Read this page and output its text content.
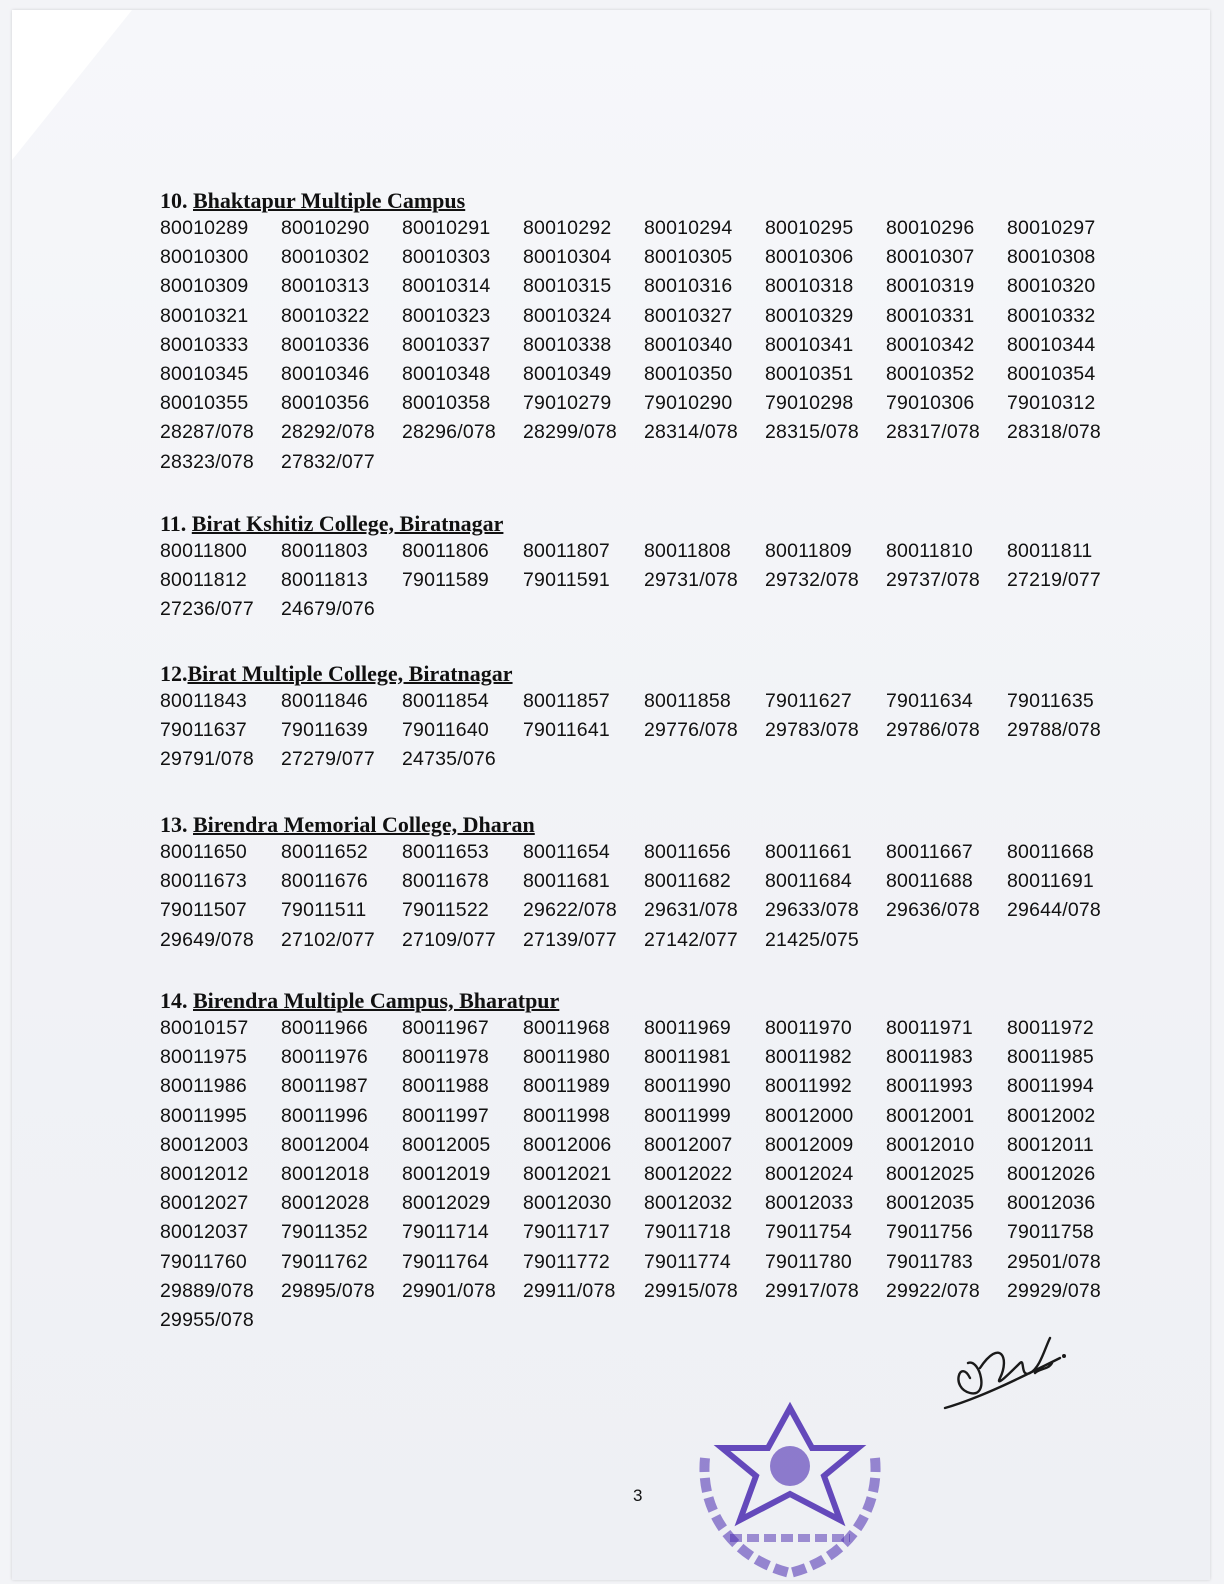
10. Bhaktapur Multiple Campus
80010289	80010290	80010291	80010292	80010294	80010295	80010296	80010297
80010300	80010302	80010303	80010304	80010305	80010306	80010307	80010308
80010309	80010313	80010314	80010315	80010316	80010318	80010319	80010320
80010321	80010322	80010323	80010324	80010327	80010329	80010331	80010332
80010333	80010336	80010337	80010338	80010340	80010341	80010342	80010344
80010345	80010346	80010348	80010349	80010350	80010351	80010352	80010354
80010355	80010356	80010358	79010279	79010290	79010298	79010306	79010312
28287/078	28292/078	28296/078	28299/078	28314/078	28315/078	28317/078	28318/078
28323/078	27832/077
11. Birat Kshitiz College, Biratnagar
80011800	80011803	80011806	80011807	80011808	80011809	80011810	80011811
80011812	80011813	79011589	79011591	29731/078	29732/078	29737/078	27219/077
27236/077	24679/076
12.Birat Multiple College, Biratnagar
80011843	80011846	80011854	80011857	80011858	79011627	79011634	79011635
79011637	79011639	79011640	79011641	29776/078	29783/078	29786/078	29788/078
29791/078	27279/077	24735/076
13. Birendra Memorial College, Dharan
80011650	80011652	80011653	80011654	80011656	80011661	80011667	80011668
80011673	80011676	80011678	80011681	80011682	80011684	80011688	80011691
79011507	79011511	79011522	29622/078	29631/078	29633/078	29636/078	29644/078
29649/078	27102/077	27109/077	27139/077	27142/077	21425/075
14. Birendra Multiple Campus, Bharatpur
80010157	80011966	80011967	80011968	80011969	80011970	80011971	80011972
80011975	80011976	80011978	80011980	80011981	80011982	80011983	80011985
80011986	80011987	80011988	80011989	80011990	80011992	80011993	80011994
80011995	80011996	80011997	80011998	80011999	80012000	80012001	80012002
80012003	80012004	80012005	80012006	80012007	80012009	80012010	80012011
80012012	80012018	80012019	80012021	80012022	80012024	80012025	80012026
80012027	80012028	80012029	80012030	80012032	80012033	80012035	80012036
80012037	79011352	79011714	79011717	79011718	79011754	79011756	79011758
79011760	79011762	79011764	79011772	79011774	79011780	79011783	29501/078
29889/078	29895/078	29901/078	29911/078	29915/078	29917/078	29922/078	29929/078
29955/078
3
